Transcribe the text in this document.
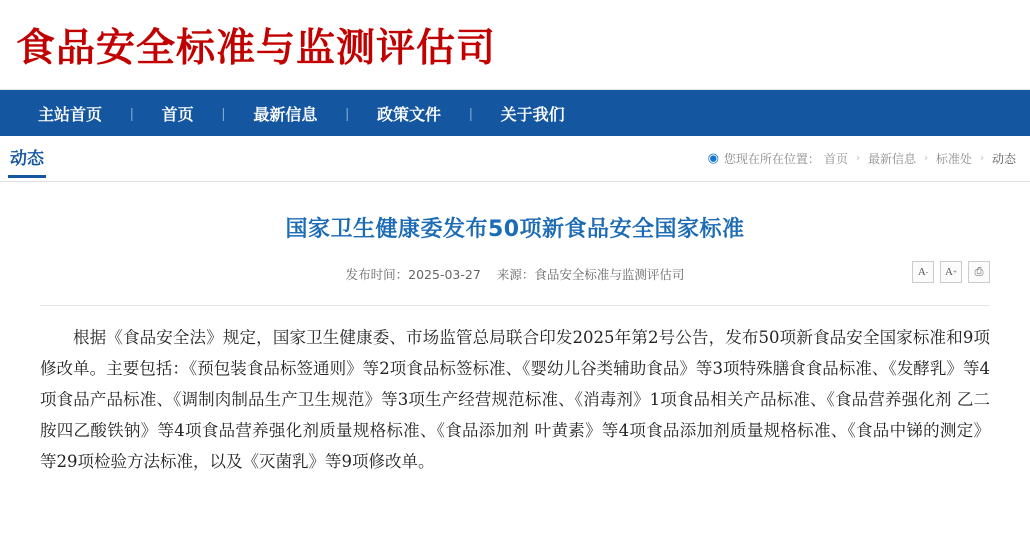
食品安全标准与监测评估司
主站首页	|	首页	|	最新信息	|	政策文件	|	关于我们
动态	◉ 您现在所在位置： 首页 › 最新信息 › 标准处 › 动态
国家卫生健康委发布50项新食品安全国家标准
发布时间：2025-03-27 来源：食品安全标准与监测评估司	A - A + ⎙
根据《食品安全法》规定，国家卫生健康委、市场监管总局联合印发2025年第2号公告，发布50项新食品安全国家标准和9项修改单。主要包括：《预包装食品标签通则》等2项食品标签标准、《婴幼儿谷类辅助食品》等3项特殊膳食食品标准、《发酵乳》等4项食品产品标准、《调制肉制品生产卫生规范》等3项生产经营规范标准、《消毒剂》1项食品相关产品标准、《食品营养强化剂 乙二胺四乙酸铁钠》等4项食品营养强化剂质量规格标准、《食品添加剂 叶黄素》等4项食品添加剂质量规格标准、《食品中锑的测定》等29项检验方法标准，以及《灭菌乳》等9项修改单。
